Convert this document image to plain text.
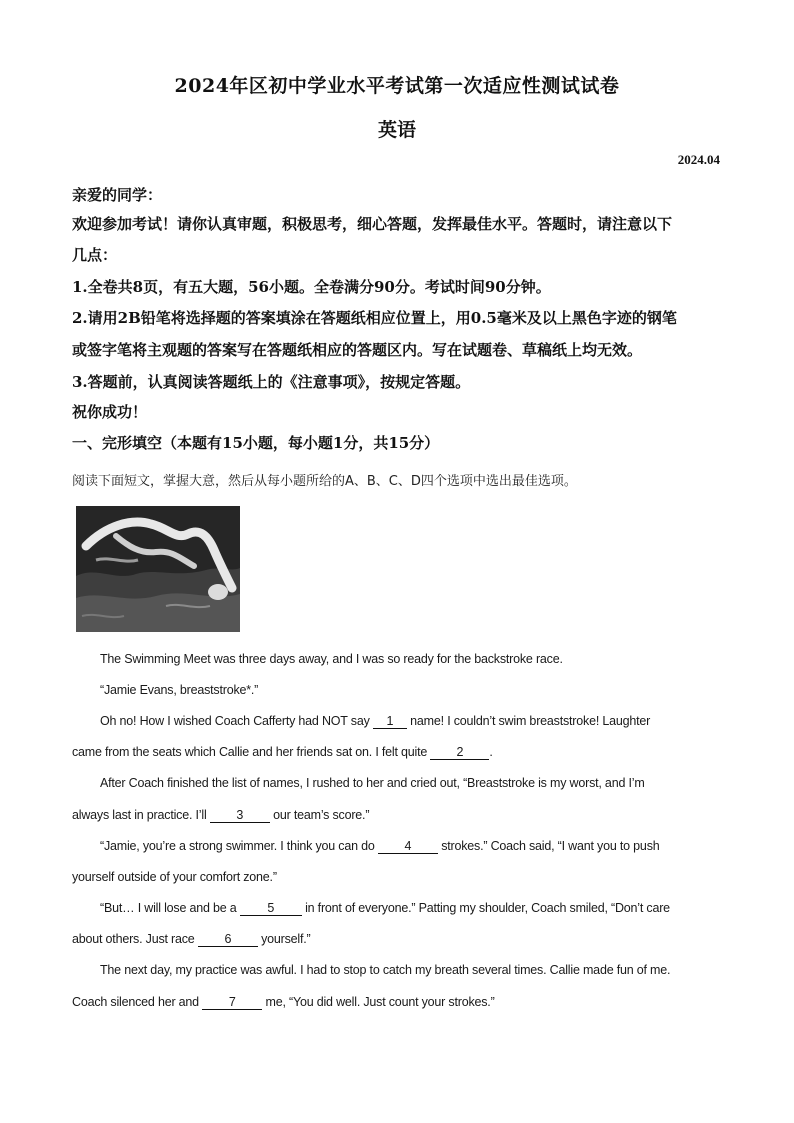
2024年区初中学业水平考试第一次适应性测试试卷
英语
2024.04
亲爱的同学：
欢迎参加考试！请你认真审题，积极思考，细心答题，发挥最佳水平。答题时，请注意以下
几点：
1.全卷共8页，有五大题，56小题。全卷满分90分。考试时间90分钟。
2.请用2B铅笔将选择题的答案填涂在答题纸相应位置上，用0.5毫米及以上黑色字迹的钢笔
或签字笔将主观题的答案写在答题纸相应的答题区内。写在试题卷、草稿纸上均无效。
3.答题前，认真阅读答题纸上的《注意事项》，按规定答题。
祝你成功！
一、完形填空（本题有15小题，每小题1分，共15分）
阅读下面短文，掌握大意，然后从每小题所给的A、B、C、D四个选项中选出最佳选项。
The Swimming Meet was three days away, and I was so ready for the backstroke race.
“Jamie Evans, breaststroke*.”
Oh no! How I wished Coach Cafferty had NOT say 1 name! I couldn’t swim breaststroke! Laughter
came from the seats which Callie and her friends sat on. I felt quite 2 .
After Coach finished the list of names, I rushed to her and cried out, “Breaststroke is my worst, and I’m
always last in practice. I’ll 3 our team’s score.”
“Jamie, you’re a strong swimmer. I think you can do 4 strokes.” Coach said, “I want you to push
yourself outside of your comfort zone.”
“But… I will lose and be a 5 in front of everyone.” Patting my shoulder, Coach smiled, “Don’t care
about others. Just race 6 yourself.”
The next day, my practice was awful. I had to stop to catch my breath several times. Callie made fun of me.
Coach silenced her and 7 me, “You did well. Just count your strokes.”
